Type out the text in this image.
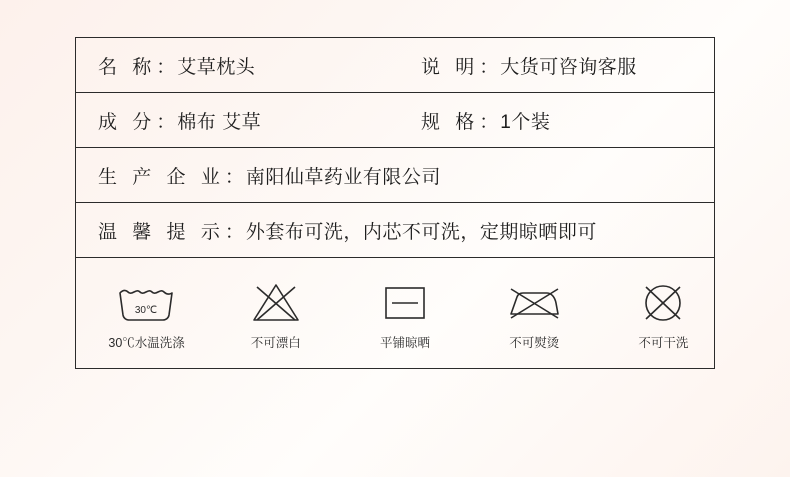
名 称 ： 艾草枕头	说 明 ： 大货可咨询客服
成 分 ： 棉布 艾草	规 格 ： 1个装
生 产 企 业 ： 南阳仙草药业有限公司
温 馨 提 示 ： 外套布可洗，内芯不可洗，定期晾晒即可
30℃
30℃水温洗涤	不可漂白	平铺晾晒	不可熨烫	不可干洗
